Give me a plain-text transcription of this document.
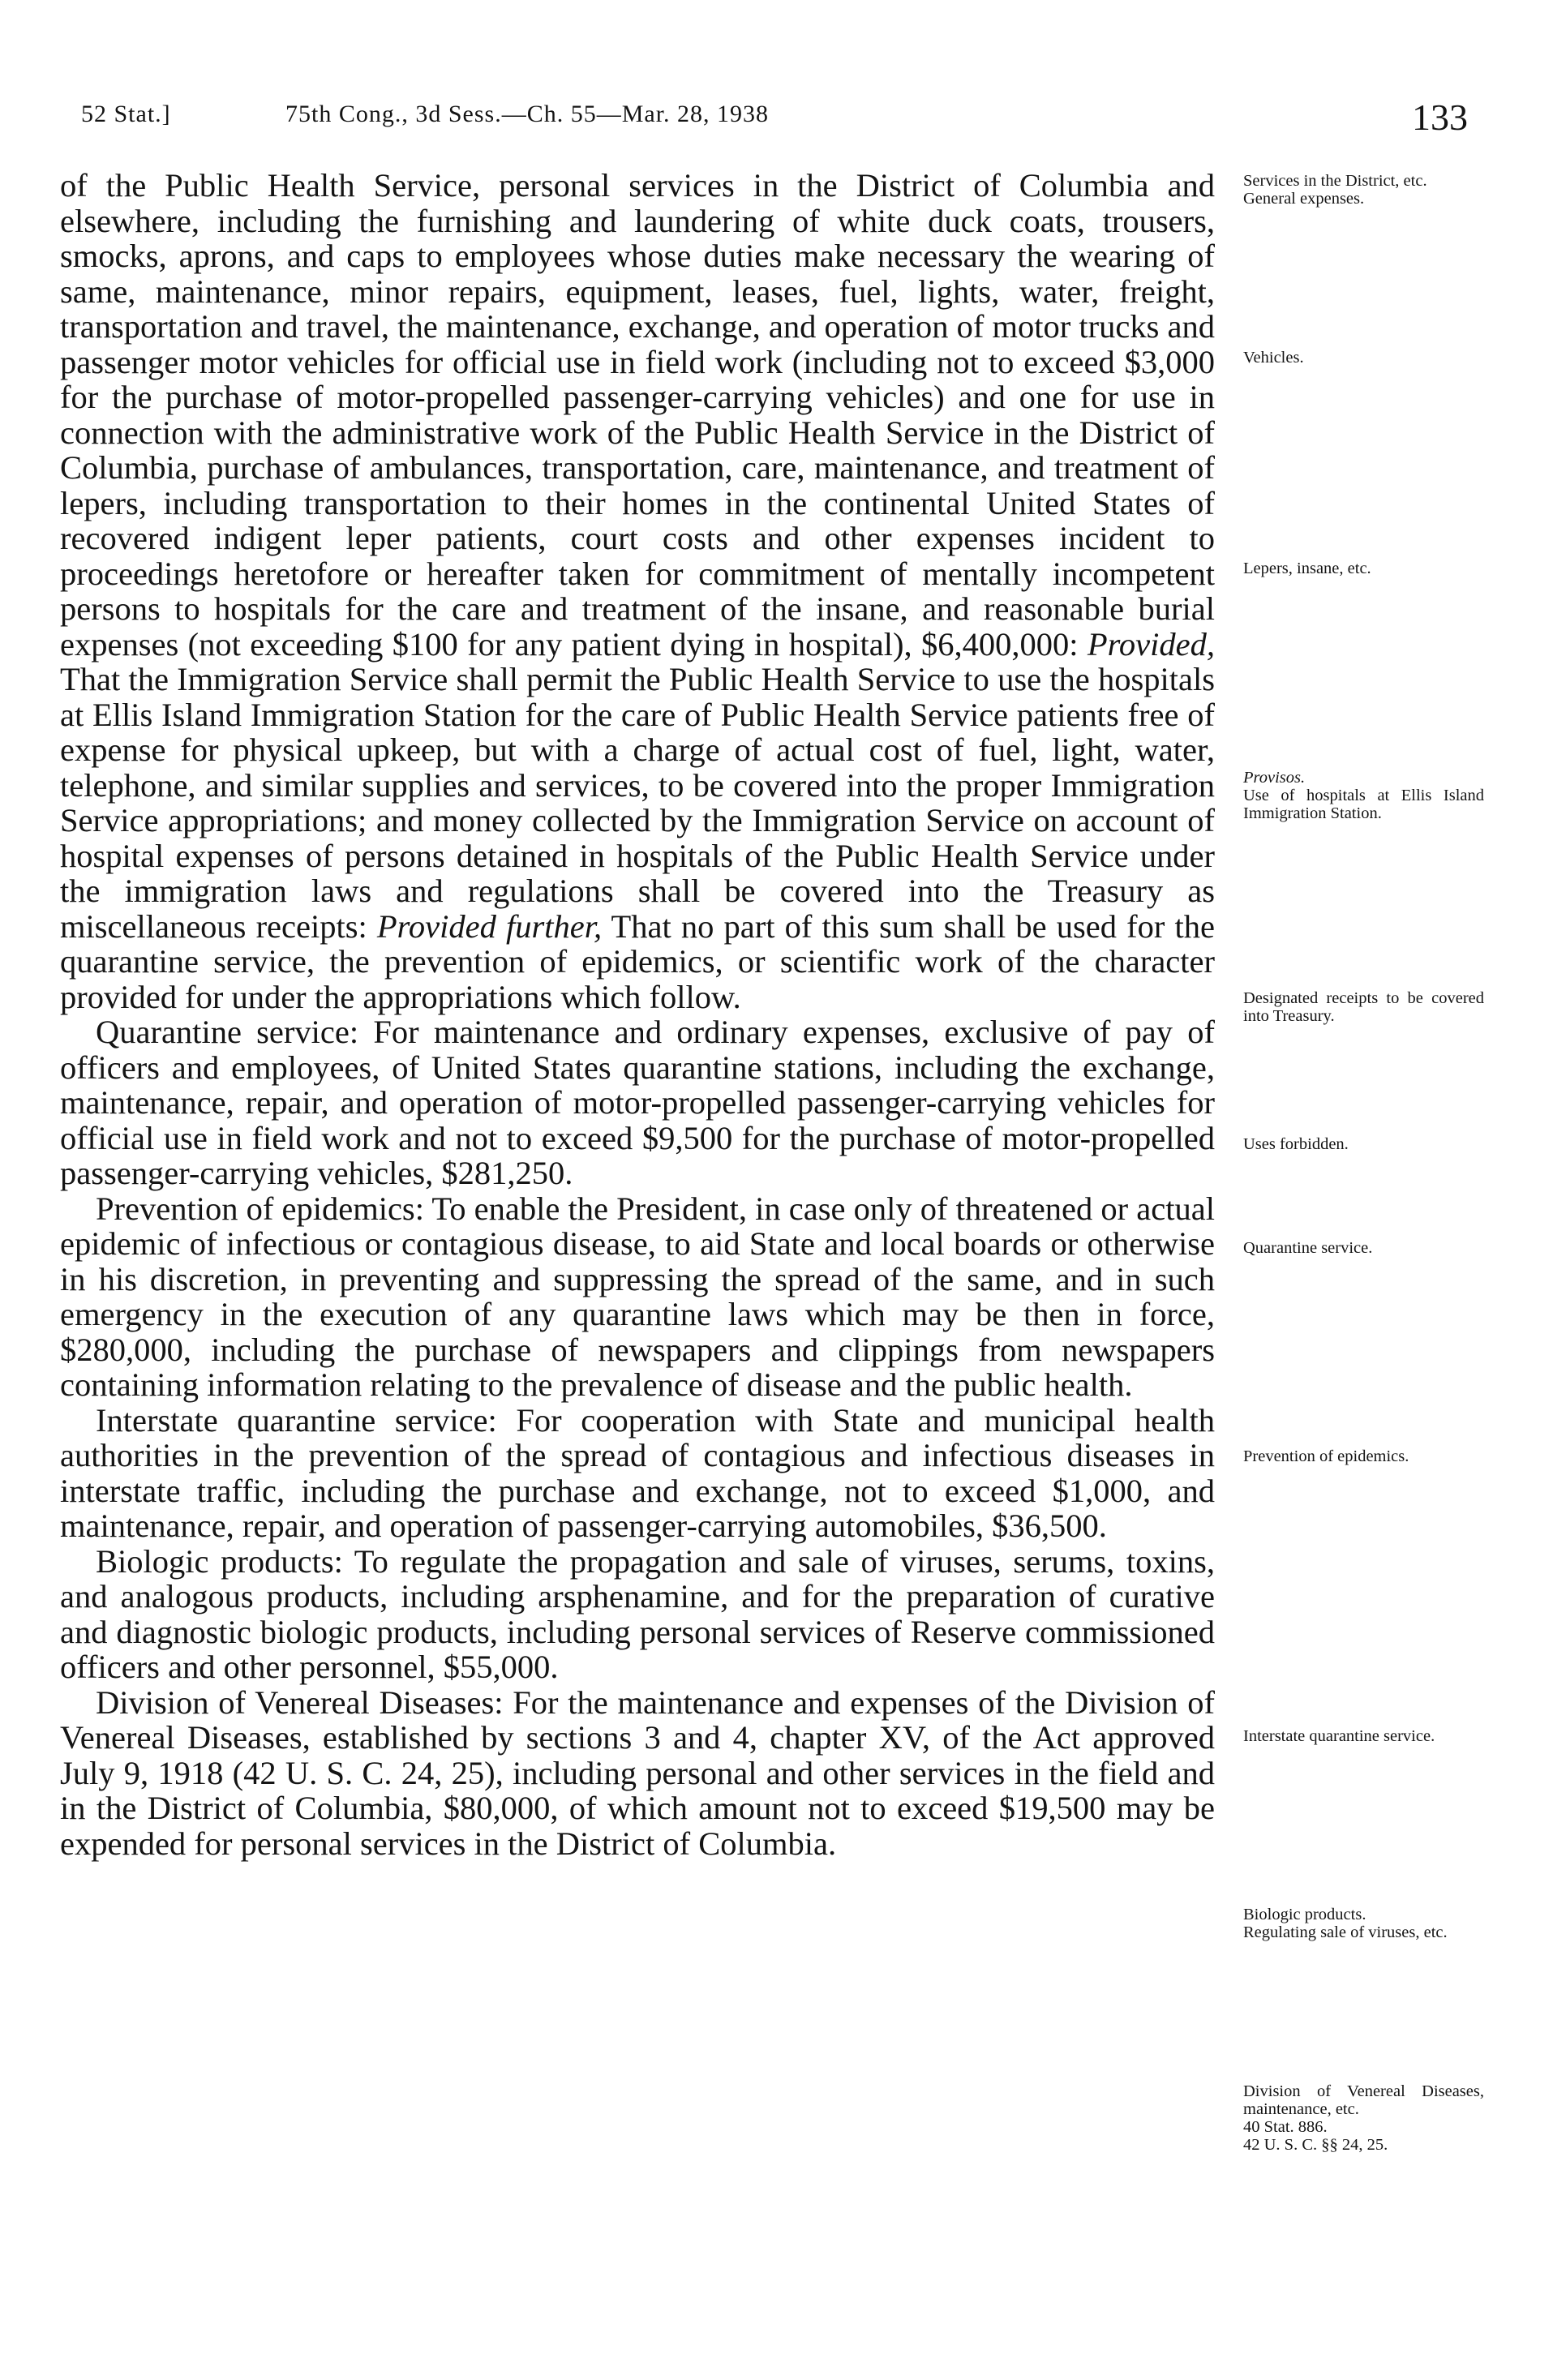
52 Stat.]	75th Cong., 3d Sess.—Ch. 55—Mar. 28, 1938	133

of the Public Health Service, personal services in the District of Columbia and elsewhere, including the furnishing and laundering of white duck coats, trousers, smocks, aprons, and caps to employees whose duties make necessary the wearing of same, maintenance, minor repairs, equipment, leases, fuel, lights, water, freight, transportation and travel, the maintenance, exchange, and operation of motor trucks and passenger motor vehicles for official use in field work (including not to exceed $3,000 for the purchase of motor-propelled passenger-carrying vehicles) and one for use in connection with the administrative work of the Public Health Service in the District of Columbia, purchase of ambulances, transportation, care, maintenance, and treatment of lepers, including transportation to their homes in the continental United States of recovered indigent leper patients, court costs and other expenses incident to proceedings heretofore or hereafter taken for commitment of mentally incompetent persons to hospitals for the care and treatment of the insane, and reasonable burial expenses (not exceeding $100 for any patient dying in hospital), $6,400,000: Provided, That the Immigration Service shall permit the Public Health Service to use the hospitals at Ellis Island Immigration Station for the care of Public Health Service patients free of expense for physical upkeep, but with a charge of actual cost of fuel, light, water, telephone, and similar supplies and services, to be covered into the proper Immigration Service appropriations; and money collected by the Immigration Service on account of hospital expenses of persons detained in hospitals of the Public Health Service under the immigration laws and regulations shall be covered into the Treasury as miscellaneous receipts: Provided further, That no part of this sum shall be used for the quarantine service, the prevention of epidemics, or scientific work of the character provided for under the appropriations which follow.

Quarantine service: For maintenance and ordinary expenses, exclusive of pay of officers and employees, of United States quarantine stations, including the exchange, maintenance, repair, and operation of motor-propelled passenger-carrying vehicles for official use in field work and not to exceed $9,500 for the purchase of motor-propelled passenger-carrying vehicles, $281,250.

Prevention of epidemics: To enable the President, in case only of threatened or actual epidemic of infectious or contagious disease, to aid State and local boards or otherwise in his discretion, in preventing and suppressing the spread of the same, and in such emergency in the execution of any quarantine laws which may be then in force, $280,000, including the purchase of newspapers and clippings from newspapers containing information relating to the prevalence of disease and the public health.

Interstate quarantine service: For cooperation with State and municipal health authorities in the prevention of the spread of contagious and infectious diseases in interstate traffic, including the purchase and exchange, not to exceed $1,000, and maintenance, repair, and operation of passenger-carrying automobiles, $36,500.

Biologic products: To regulate the propagation and sale of viruses, serums, toxins, and analogous products, including arsphenamine, and for the preparation of curative and diagnostic biologic products, including personal services of Reserve commissioned officers and other personnel, $55,000.

Division of Venereal Diseases: For the maintenance and expenses of the Division of Venereal Diseases, established by sections 3 and 4, chapter XV, of the Act approved July 9, 1918 (42 U. S. C. 24, 25), including personal and other services in the field and in the District of Columbia, $80,000, of which amount not to exceed $19,500 may be expended for personal services in the District of Columbia.

Services in the District, etc.
General expenses.
Vehicles.
Lepers, insane, etc.
Provisos.
Use of hospitals at Ellis Island Immigration Station.
Designated receipts to be covered into Treasury.
Uses forbidden.
Quarantine service.
Prevention of epidemics.
Interstate quarantine service.
Biologic products.
Regulating sale of viruses, etc.
Division of Venereal Diseases, maintenance, etc.
40 Stat. 886.
42 U. S. C. §§ 24, 25.
